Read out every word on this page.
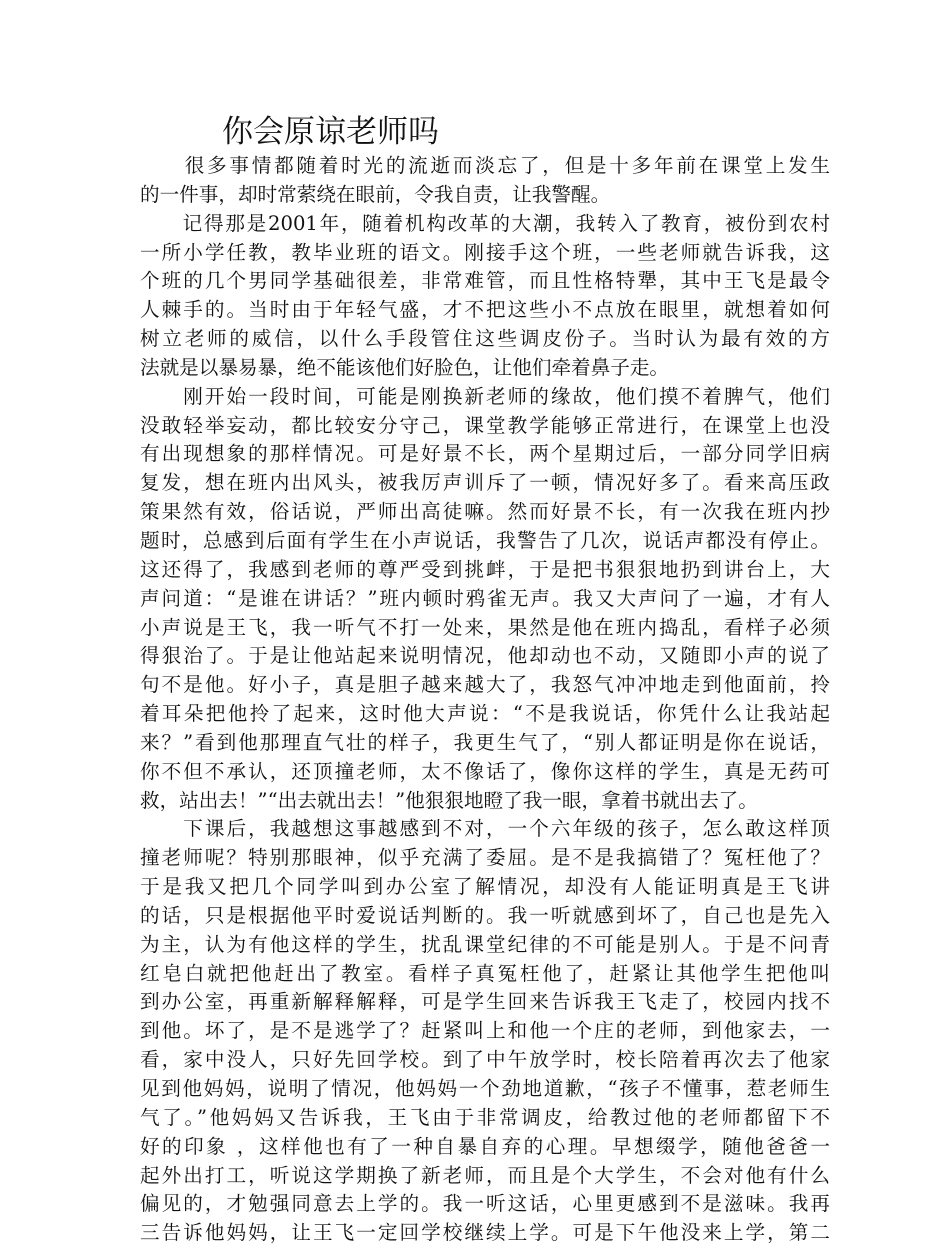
你会原谅老师吗
　　很多事情都随着时光的流逝而淡忘了，但是十多年前在课堂上发生
的一件事，却时常萦绕在眼前，令我自责，让我警醒。
　　记得那是2001年，随着机构改革的大潮，我转入了教育，被份到农村
一所小学任教，教毕业班的语文。刚接手这个班，一些老师就告诉我，这
个班的几个男同学基础很差，非常难管，而且性格特犟，其中王飞是最令
人棘手的。当时由于年轻气盛，才不把这些小不点放在眼里，就想着如何
树立老师的威信，以什么手段管住这些调皮份子。当时认为最有效的方
法就是以暴易暴，绝不能该他们好脸色，让他们牵着鼻子走。
　　刚开始一段时间，可能是刚换新老师的缘故，他们摸不着脾气，他们
没敢轻举妄动，都比较安分守己，课堂教学能够正常进行，在课堂上也没
有出现想象的那样情况。可是好景不长，两个星期过后，一部分同学旧病
复发，想在班内出风头，被我厉声训斥了一顿，情况好多了。看来高压政
策果然有效，俗话说，严师出高徒嘛。然而好景不长，有一次我在班内抄
题时，总感到后面有学生在小声说话，我警告了几次，说话声都没有停止。
这还得了，我感到老师的尊严受到挑衅，于是把书狠狠地扔到讲台上，大
声问道：“是谁在讲话？”班内顿时鸦雀无声。我又大声问了一遍，才有人
小声说是王飞，我一听气不打一处来，果然是他在班内捣乱，看样子必须
得狠治了。于是让他站起来说明情况，他却动也不动，又随即小声的说了
句不是他。好小子，真是胆子越来越大了，我怒气冲冲地走到他面前，拎
着耳朵把他拎了起来，这时他大声说：“不是我说话，你凭什么让我站起
来？”看到他那理直气壮的样子，我更生气了，“别人都证明是你在说话，
你不但不承认，还顶撞老师，太不像话了，像你这样的学生，真是无药可
救，站出去！”“出去就出去！”他狠狠地瞪了我一眼，拿着书就出去了。
　　下课后，我越想这事越感到不对，一个六年级的孩子，怎么敢这样顶
撞老师呢？特别那眼神，似乎充满了委屈。是不是我搞错了？冤枉他了？
于是我又把几个同学叫到办公室了解情况，却没有人能证明真是王飞讲
的话，只是根据他平时爱说话判断的。我一听就感到坏了，自己也是先入
为主，认为有他这样的学生，扰乱课堂纪律的不可能是别人。于是不问青
红皂白就把他赶出了教室。看样子真冤枉他了，赶紧让其他学生把他叫
到办公室，再重新解释解释，可是学生回来告诉我王飞走了，校园内找不
到他。坏了，是不是逃学了？赶紧叫上和他一个庄的老师，到他家去，一
看，家中没人，只好先回学校。到了中午放学时，校长陪着再次去了他家
见到他妈妈，说明了情况，他妈妈一个劲地道歉，“孩子不懂事，惹老师生
气了。”他妈妈又告诉我，王飞由于非常调皮，给教过他的老师都留下不
好的印象 ，这样他也有了一种自暴自弃的心理。早想缀学，随他爸爸一
起外出打工，听说这学期换了新老师，而且是个大学生，不会对他有什么
偏见的，才勉强同意去上学的。我一听这话，心里更感到不是滋味。我再
三告诉他妈妈，让王飞一定回学校继续上学。可是下午他没来上学，第二
